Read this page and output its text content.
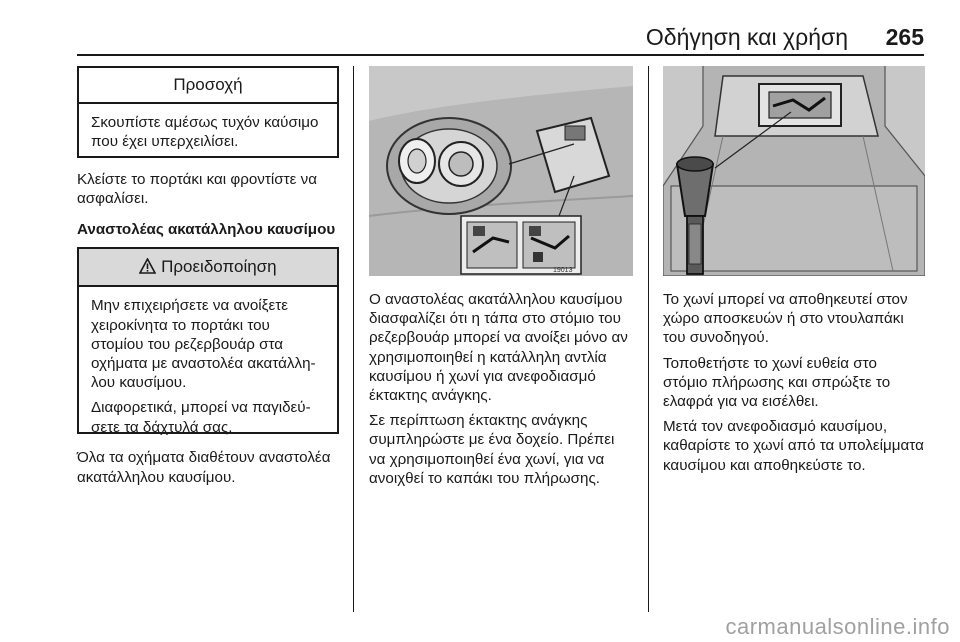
Οδήγηση και χρήση 265
Προσοχή

Σκουπίστε αμέσως τυχόν καύσιμο που έχει υπερχειλίσει.

Κλείστε το πορτάκι και φροντίστε να ασφαλίσει.

Αναστολέας ακατάλληλου καυσίμου

Προειδοποίηση

Μην επιχειρήσετε να ανοίξετε χειροκίνητα το πορτάκι του στομίου του ρεζερβουάρ στα οχήματα με αναστολέα ακατάλληλου καυσίμου.

Διαφορετικά, μπορεί να παγιδεύσετε τα δάχτυλά σας.

Όλα τα οχήματα διαθέτουν αναστολέα ακατάλληλου καυσίμου.

19013

Ο αναστολέας ακατάλληλου καυσίμου διασφαλίζει ότι η τάπα στο στόμιο του ρεζερβουάρ μπορεί να ανοίξει μόνο αν χρησιμοποιηθεί η κατάλληλη αντλία καυσίμου ή χωνί για ανεφοδιασμό έκτακτης ανάγκης.

Σε περίπτωση έκτακτης ανάγκης συμπληρώστε με ένα δοχείο. Πρέπει να χρησιμοποιηθεί ένα χωνί, για να ανοιχθεί το καπάκι του πλήρωσης.

Το χωνί μπορεί να αποθηκευτεί στον χώρο αποσκευών ή στο ντουλαπάκι του συνοδηγού.

Τοποθετήστε το χωνί ευθεία στο στόμιο πλήρωσης και σπρώξτε το ελαφρά για να εισέλθει.

Μετά τον ανεφοδιασμό καυσίμου, καθαρίστε το χωνί από τα υπολείμματα καυσίμου και αποθηκεύστε το.

carmanualsonline.info
